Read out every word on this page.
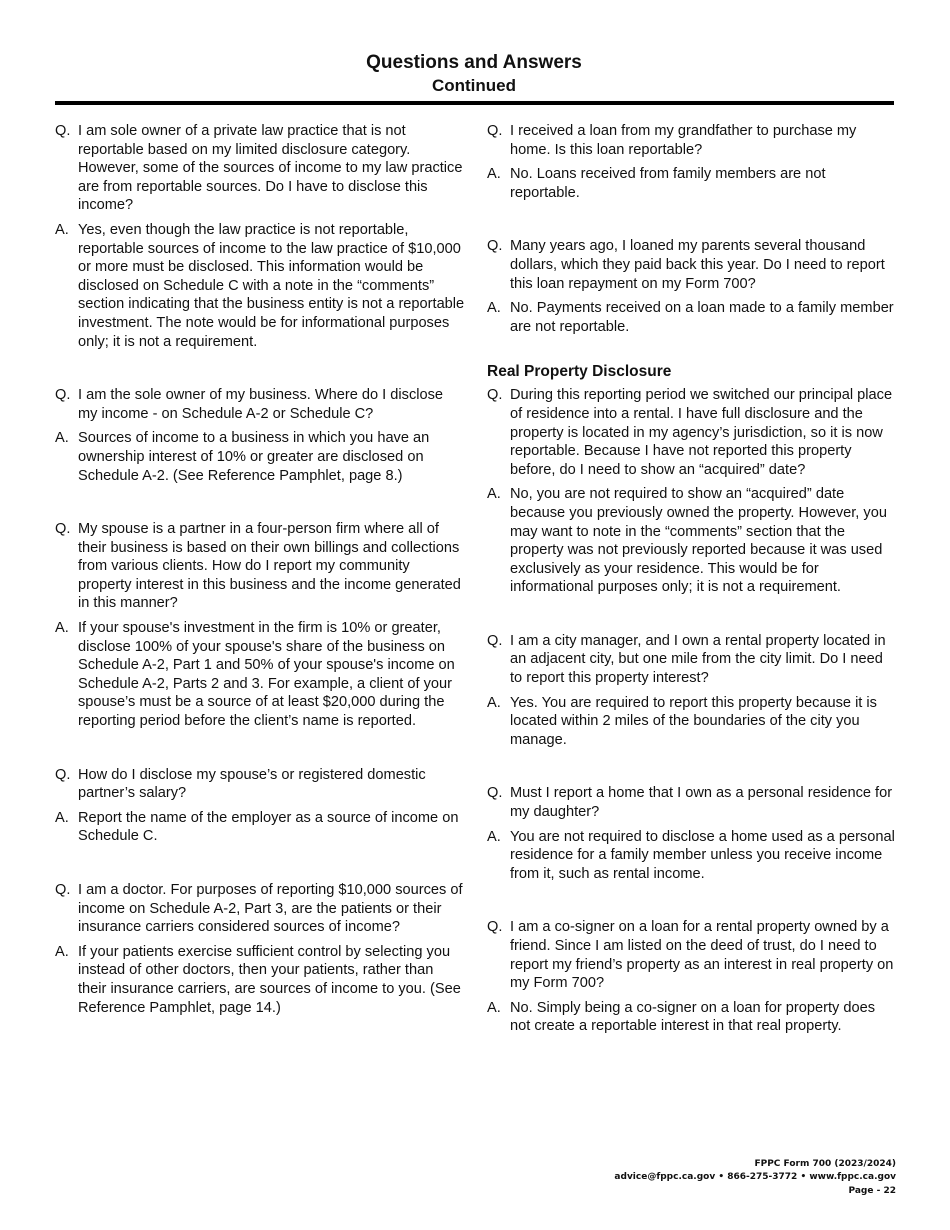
Questions and Answers
Continued
Q. I am sole owner of a private law practice that is not reportable based on my limited disclosure category. However, some of the sources of income to my law practice are from reportable sources. Do I have to disclose this income?
A. Yes, even though the law practice is not reportable, reportable sources of income to the law practice of $10,000 or more must be disclosed. This information would be disclosed on Schedule C with a note in the “comments” section indicating that the business entity is not a reportable investment. The note would be for informational purposes only; it is not a requirement.
Q. I am the sole owner of my business. Where do I disclose my income - on Schedule A-2 or Schedule C?
A. Sources of income to a business in which you have an ownership interest of 10% or greater are disclosed on Schedule A-2. (See Reference Pamphlet, page 8.)
Q. My spouse is a partner in a four-person firm where all of their business is based on their own billings and collections from various clients. How do I report my community property interest in this business and the income generated in this manner?
A. If your spouse's investment in the firm is 10% or greater, disclose 100% of your spouse's share of the business on Schedule A-2, Part 1 and 50% of your spouse's income on Schedule A-2, Parts 2 and 3. For example, a client of your spouse’s must be a source of at least $20,000 during the reporting period before the client’s name is reported.
Q. How do I disclose my spouse’s or registered domestic partner’s salary?
A. Report the name of the employer as a source of income on Schedule C.
Q. I am a doctor. For purposes of reporting $10,000 sources of income on Schedule A-2, Part 3, are the patients or their insurance carriers considered sources of income?
A. If your patients exercise sufficient control by selecting you instead of other doctors, then your patients, rather than their insurance carriers, are sources of income to you. (See Reference Pamphlet, page 14.)
Q. I received a loan from my grandfather to purchase my home. Is this loan reportable?
A. No. Loans received from family members are not reportable.
Q. Many years ago, I loaned my parents several thousand dollars, which they paid back this year. Do I need to report this loan repayment on my Form 700?
A. No. Payments received on a loan made to a family member are not reportable.
Real Property Disclosure
Q. During this reporting period we switched our principal place of residence into a rental. I have full disclosure and the property is located in my agency’s jurisdiction, so it is now reportable. Because I have not reported this property before, do I need to show an “acquired” date?
A. No, you are not required to show an “acquired” date because you previously owned the property. However, you may want to note in the “comments” section that the property was not previously reported because it was used exclusively as your residence. This would be for informational purposes only; it is not a requirement.
Q. I am a city manager, and I own a rental property located in an adjacent city, but one mile from the city limit. Do I need to report this property interest?
A. Yes. You are required to report this property because it is located within 2 miles of the boundaries of the city you manage.
Q. Must I report a home that I own as a personal residence for my daughter?
A. You are not required to disclose a home used as a personal residence for a family member unless you receive income from it, such as rental income.
Q. I am a co-signer on a loan for a rental property owned by a friend. Since I am listed on the deed of trust, do I need to report my friend’s property as an interest in real property on my Form 700?
A. No. Simply being a co-signer on a loan for property does not create a reportable interest in that real property.
FPPC Form 700 (2023/2024)
advice@fppc.ca.gov • 866-275-3772 • www.fppc.ca.gov
Page - 22
